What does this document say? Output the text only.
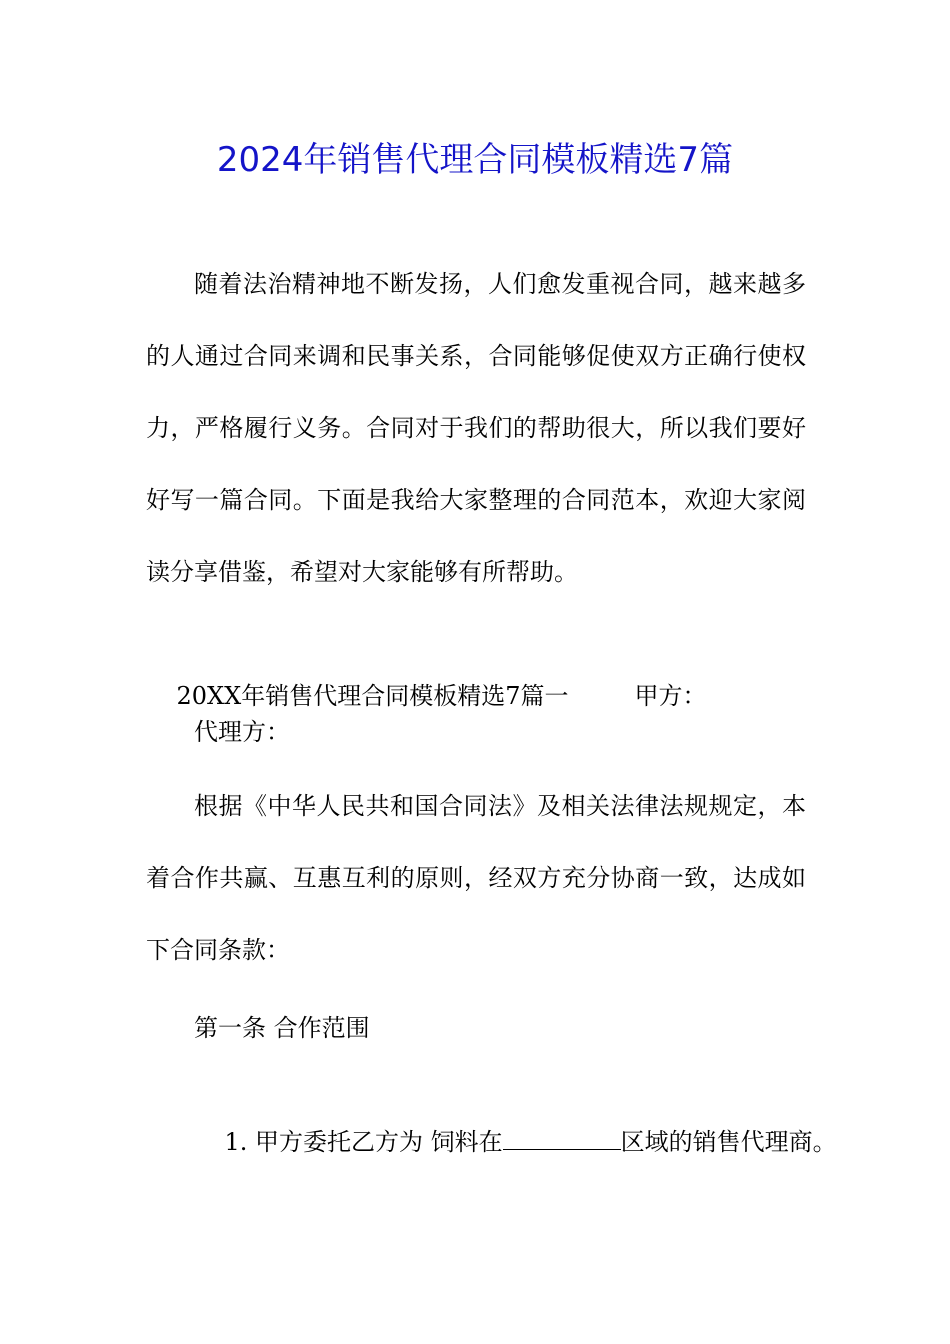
2024年销售代理合同模板精选7篇

随着法治精神地不断发扬，人们愈发重视合同，越来越多的人通过合同来调和民事关系，合同能够促使双方正确行使权力，严格履行义务。合同对于我们的帮助很大，所以我们要好好写一篇合同。下面是我给大家整理的合同范本，欢迎大家阅读分享借鉴，希望对大家能够有所帮助。

20XX年销售代理合同模板精选7篇一	甲方：

代理方：

根据《中华人民共和国合同法》及相关法律法规规定，本着合作共赢、互惠互利的原则，经双方充分协商一致，达成如下合同条款：

第一条 合作范围

1. 甲方委托乙方为 饲料在	区域的销售代理商。
